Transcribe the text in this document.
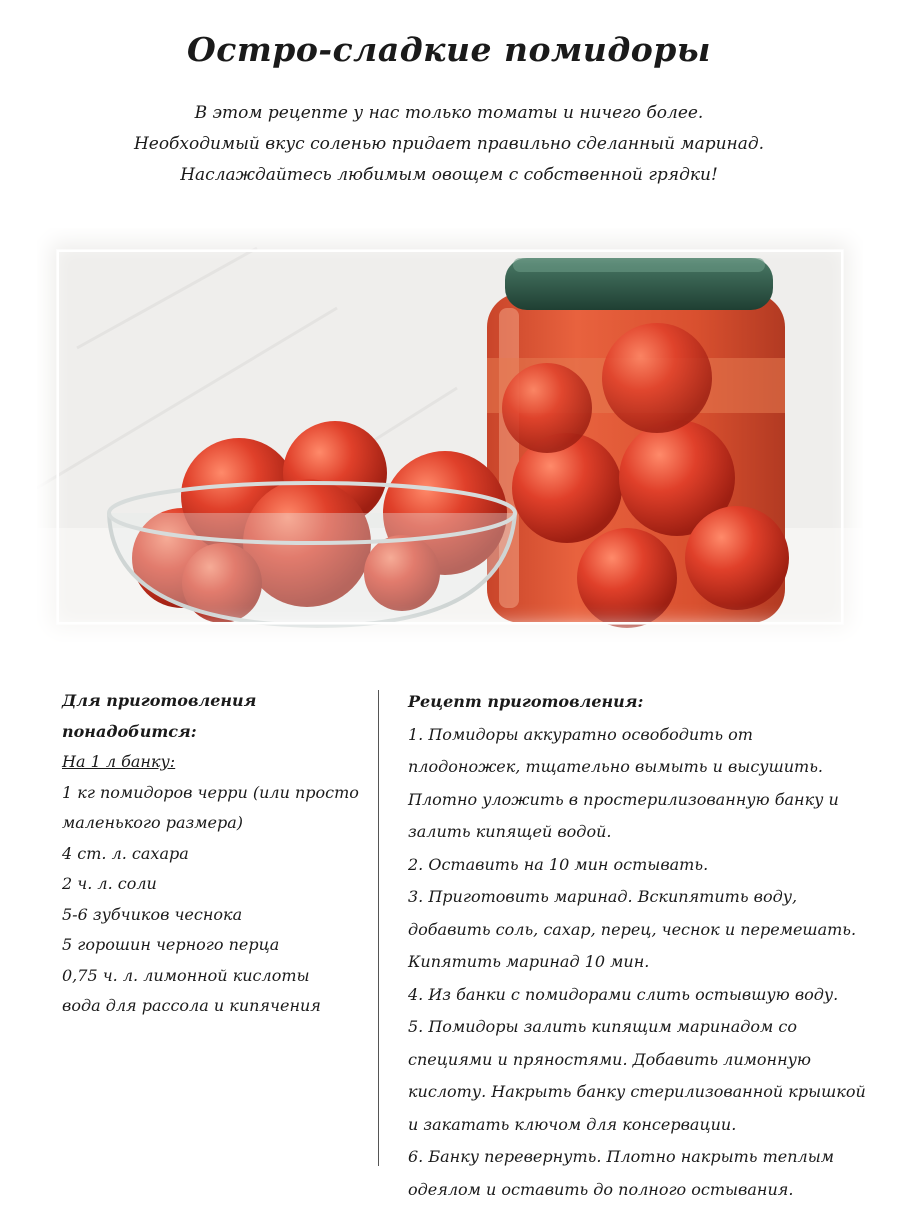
Остро-сладкие помидоры
В этом рецепте у нас только томаты и ничего более.
Необходимый вкус соленью придает правильно сделанный маринад.
Наслаждайтесь любимым овощем с собственной грядки!
Для приготовления понадобится:
На 1 л банку:
1 кг помидоров черри (или просто
маленького размера)
4 ст. л. сахара
2 ч. л. соли
5-6 зубчиков чеснока
5 горошин черного перца
0,75 ч. л. лимонной кислоты
вода для рассола и кипячения
Рецепт приготовления:

1. Помидоры аккуратно освободить от плодоножек, тщательно вымыть и высушить. Плотно уложить в простерилизованную банку и залить кипящей водой.

2. Оставить на 10 мин остывать.

3. Приготовить маринад. Вскипятить воду, добавить соль, сахар, перец, чеснок и перемешать. Кипятить маринад 10 мин.

4. Из банки с помидорами слить остывшую воду.

5. Помидоры залить кипящим маринадом со специями и пряностями. Добавить лимонную кислоту. Накрыть банку стерилизованной крышкой и закатать ключом для консервации.

6. Банку перевернуть. Плотно накрыть теплым одеялом и оставить до полного остывания.
